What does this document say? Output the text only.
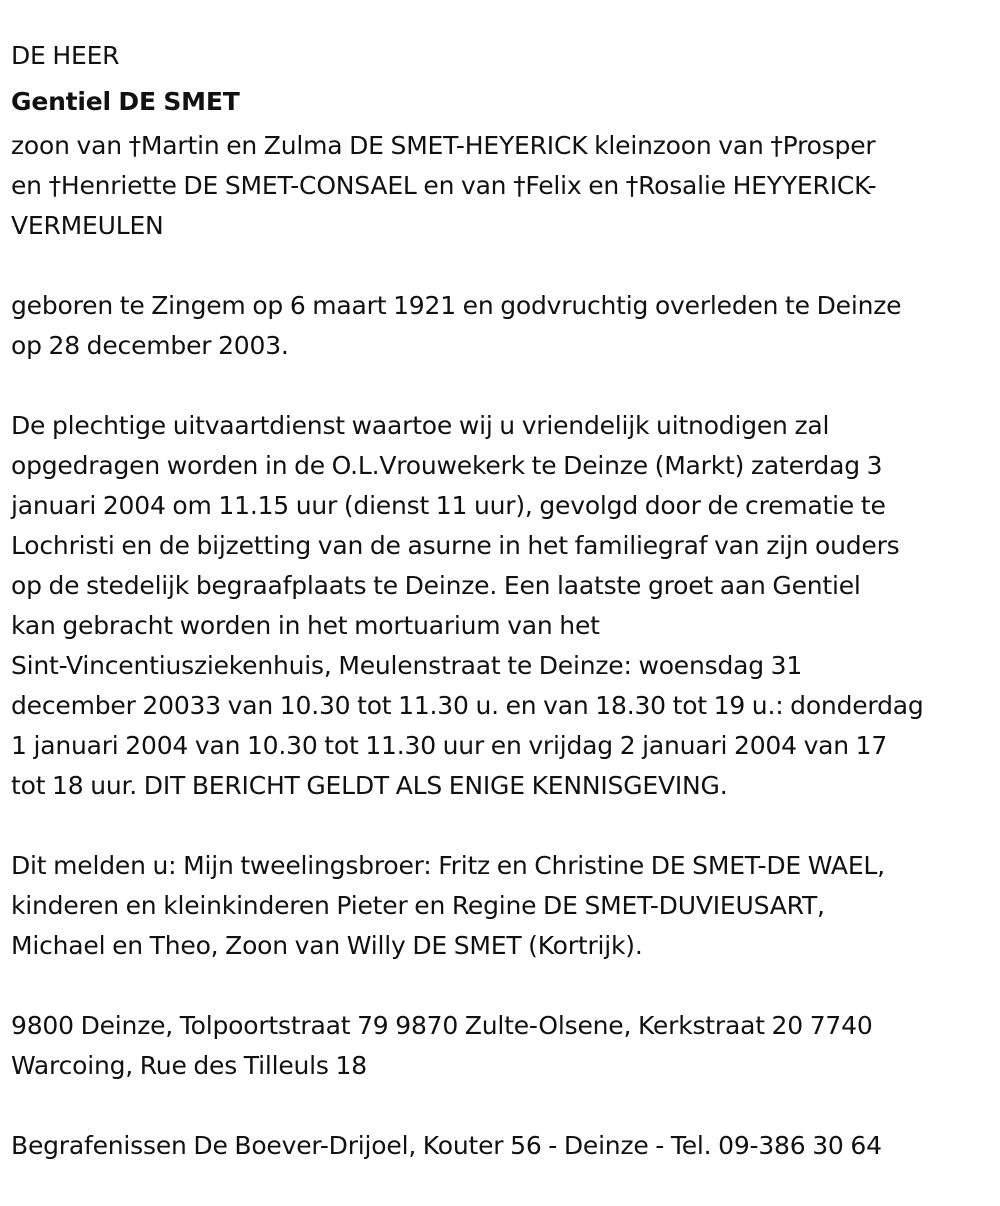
DE HEER

Gentiel DE SMET

zoon van †Martin en Zulma DE SMET-HEYERICK kleinzoon van †Prosper

en †Henriette DE SMET-CONSAEL en van †Felix en †Rosalie HEYYERICK-

VERMEULEN

geboren te Zingem op 6 maart 1921 en godvruchtig overleden te Deinze

op 28 december 2003.

De plechtige uitvaartdienst waartoe wij u vriendelijk uitnodigen zal

opgedragen worden in de O.L.Vrouwekerk te Deinze (Markt) zaterdag 3

januari 2004 om 11.15 uur (dienst 11 uur), gevolgd door de crematie te

Lochristi en de bijzetting van de asurne in het familiegraf van zijn ouders

op de stedelijk begraafplaats te Deinze. Een laatste groet aan Gentiel

kan gebracht worden in het mortuarium van het

Sint-Vincentiusziekenhuis, Meulenstraat te Deinze: woensdag 31

december 20033 van 10.30 tot 11.30 u. en van 18.30 tot 19 u.: donderdag

1 januari 2004 van 10.30 tot 11.30 uur en vrijdag 2 januari 2004 van 17

tot 18 uur. DIT BERICHT GELDT ALS ENIGE KENNISGEVING.

Dit melden u: Mijn tweelingsbroer: Fritz en Christine DE SMET-DE WAEL,

kinderen en kleinkinderen Pieter en Regine DE SMET-DUVIEUSART,

Michael en Theo, Zoon van Willy DE SMET (Kortrijk).

9800 Deinze, Tolpoortstraat 79 9870 Zulte-Olsene, Kerkstraat 20 7740

Warcoing, Rue des Tilleuls 18

Begrafenissen De Boever-Drijoel, Kouter 56 - Deinze - Tel. 09-386 30 64
